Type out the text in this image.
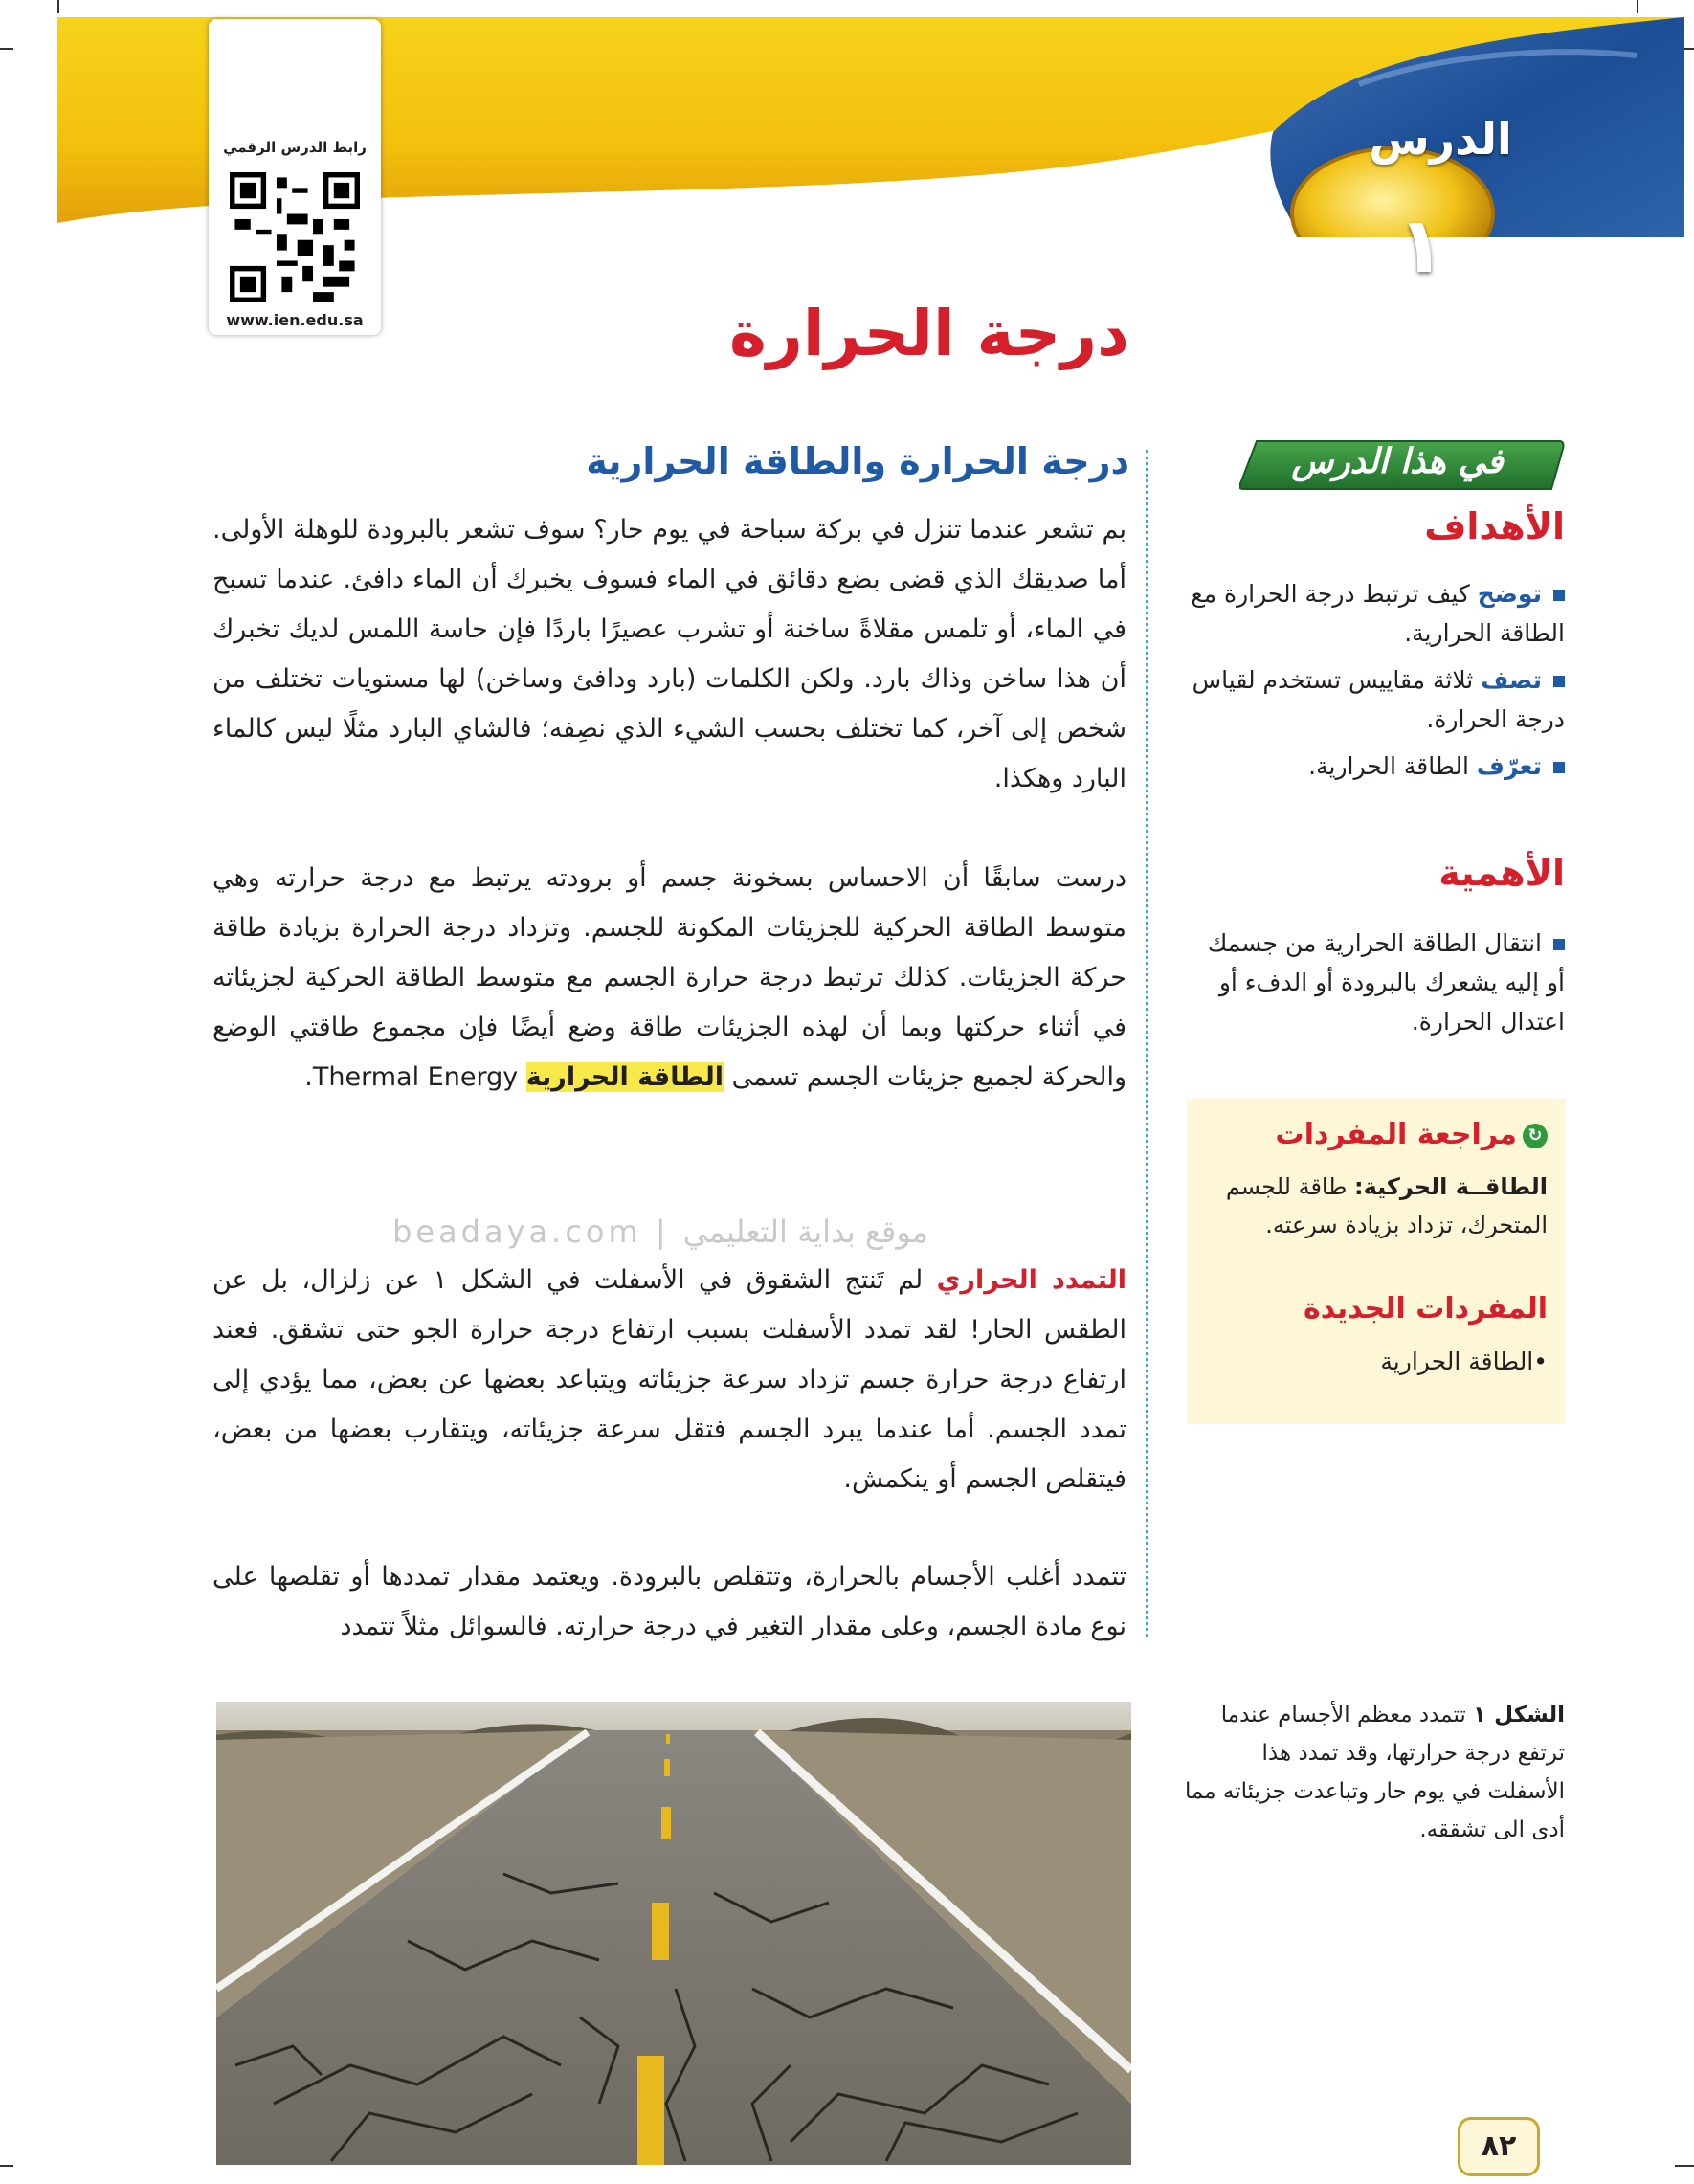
رابط الدرس الرقمي
www.ien.edu.sa
الدرس
١
درجة الحرارة
في هذا الدرس
الأهداف
توضح كيف ترتبط درجة الحرارة مع الطاقة الحرارية.
تصف ثلاثة مقاييس تستخدم لقياس درجة الحرارة.
تعرّف الطاقة الحرارية.
الأهمية
انتقال الطاقة الحرارية من جسمك أو إليه يشعرك بالبرودة أو الدفء أو اعتدال الحرارة.
↻مراجعة المفردات
الطاقــة الحركية: طاقة للجسم المتحرك، تزداد بزيادة سرعته.
المفردات الجديدة
•الطاقة الحرارية
درجة الحرارة والطاقة الحرارية
بم تشعر عندما تنزل في بركة سباحة في يوم حار؟ سوف تشعر بالبرودة للوهلة الأولى. أما صديقك الذي قضى بضع دقائق في الماء فسوف يخبرك أن الماء دافئ. عندما تسبح في الماء، أو تلمس مقلاةً ساخنة أو تشرب عصيرًا باردًا فإن حاسة اللمس لديك تخبرك أن هذا ساخن وذاك بارد. ولكن الكلمات (بارد ودافئ وساخن) لها مستويات تختلف من شخص إلى آخر، كما تختلف بحسب الشيء الذي نصِفه؛ فالشاي البارد مثلًا ليس كالماء البارد وهكذا.
درست سابقًا أن الاحساس بسخونة جسم أو برودته يرتبط مع درجة حرارته وهي متوسط الطاقة الحركية للجزيئات المكونة للجسم. وتزداد درجة الحرارة بزيادة طاقة حركة الجزيئات. كذلك ترتبط درجة حرارة الجسم مع متوسط الطاقة الحركية لجزيئاته في أثناء حركتها وبما أن لهذه الجزيئات طاقة وضع أيضًا فإن مجموع طاقتي الوضع والحركة لجميع جزيئات الجسم تسمى الطاقة الحرارية Thermal Energy.
beadaya.com | موقع بداية التعليمي
التمدد الحراري لم تَنتج الشقوق في الأسفلت في الشكل ١ عن زلزال، بل عن الطقس الحار! لقد تمدد الأسفلت بسبب ارتفاع درجة حرارة الجو حتى تشقق. فعند ارتفاع درجة حرارة جسم تزداد سرعة جزيئاته ويتباعد بعضها عن بعض، مما يؤدي إلى تمدد الجسم. أما عندما يبرد الجسم فتقل سرعة جزيئاته، ويتقارب بعضها من بعض، فيتقلص الجسم أو ينكمش.
تتمدد أغلب الأجسام بالحرارة، وتتقلص بالبرودة. ويعتمد مقدار تمددها أو تقلصها على نوع مادة الجسم، وعلى مقدار التغير في درجة حرارته. فالسوائل مثلاً تتمدد
الشكل ١ تتمدد معظم الأجسام عندما ترتفع درجة حرارتها، وقد تمدد هذا الأسفلت في يوم حار وتباعدت جزيئاته مما أدى الى تشققه.
٨٢
